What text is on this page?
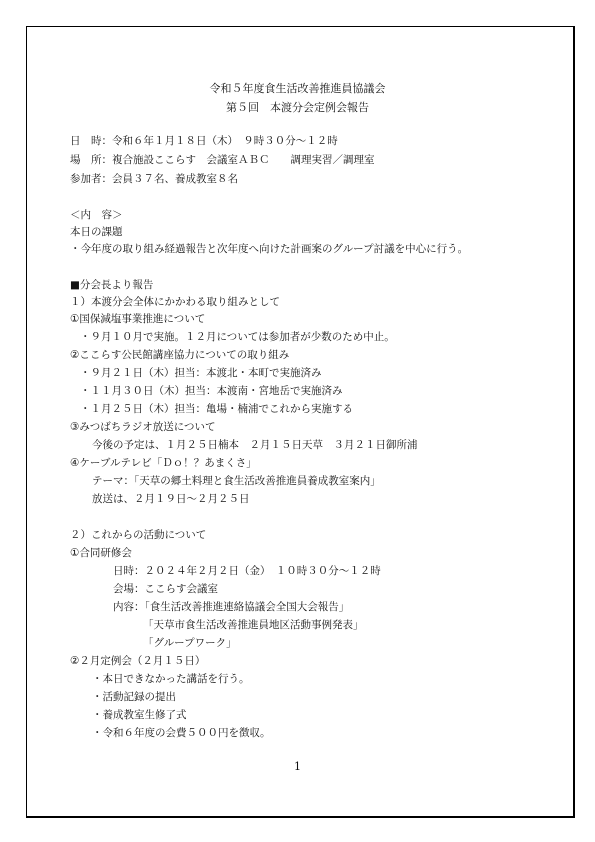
令和５年度食生活改善推進員協議会
第５回　本渡分会定例会報告
日　時：令和６年１月１８日（木）　９時３０分～１２時
場　所：複合施設ここらす　会議室ＡＢＣ　　調理実習／調理室
参加者：会員３７名、養成教室８名
＜内　容＞
本日の課題
・今年度の取り組み経過報告と次年度へ向けた計画案のグループ討議を中心に行う。
■分会長より報告
１）本渡分会全体にかかわる取り組みとして
①国保減塩事業推進について
・９月１０月で実施。１２月については参加者が少数のため中止。
②ここらす公民館講座協力についての取り組み
・９月２１日（木）担当：本渡北・本町で実施済み
・１１月３０日（木）担当：本渡南・宮地岳で実施済み
・１月２５日（木）担当：亀場・楠浦でこれから実施する
③みつばちラジオ放送について
今後の予定は、１月２５日楠本　２月１５日天草　３月２１日御所浦
④ケーブルテレビ「Ｄｏ！？あまくさ」
テーマ：「天草の郷土料理と食生活改善推進員養成教室案内」
放送は、２月１９日～２月２５日
２）これからの活動について
①合同研修会
日時：２０２４年２月２日（金）　１０時３０分～１２時
会場：ここらす会議室
内容：「食生活改善推進連絡協議会全国大会報告」
「天草市食生活改善推進員地区活動事例発表」
「グループワーク」
②２月定例会（２月１５日）
・本日できなかった講話を行う。
・活動記録の提出
・養成教室生修了式
・令和６年度の会費５００円を徴収。
1
